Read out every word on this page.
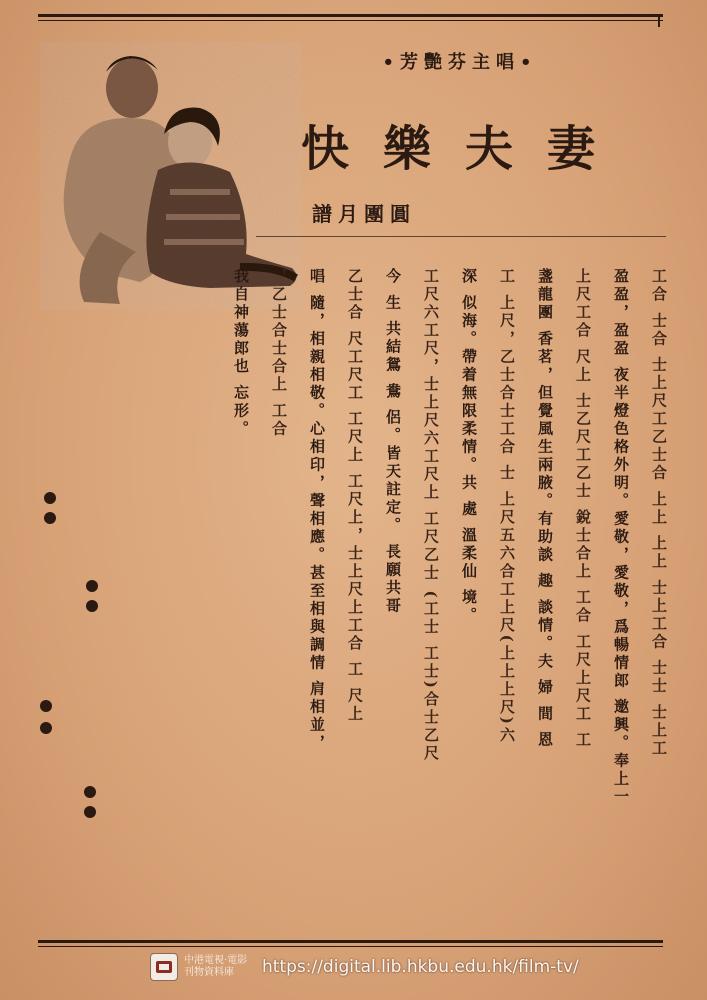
•芳艷芬主唱•
快樂夫妻
譜月團圓
工合 士合 士上尺工乙士合 上上 上上 士上工合 士士 士上工
盈盈，盈盈 夜半燈色格外明。愛敬，愛敬，爲暢情郎 邀興。奉上一
上尺工合 尺上 士乙尺工乙士 銳士合上 工合 工尺上尺工 工
盞龍團 香茗，但覺風生兩腋。有助談 趣 談情。夫 婦 間 恩
工 上尺，乙士合士工合 士 上尺五六合工上尺(上上上尺)六
深 似海。帶着無限柔情。共 處 溫柔仙 境。
工尺六工尺，士上尺六工尺上 工尺乙士 (工士 工士)合士乙尺
今 生 共結鴛 鴦 侶。皆天註定。 長願共哥
乙士合 尺工尺工 工尺上 工尺上，士上尺上工合 工 尺上
唱 隨，相親相敬。心相印，聲相應。甚至相與調情 肩相並，
，乙士合士合上 工合
我自神蕩郎也 忘形。
中港電視·電影
刊物資料庫	https://digital.lib.hkbu.edu.hk/film-tv/
